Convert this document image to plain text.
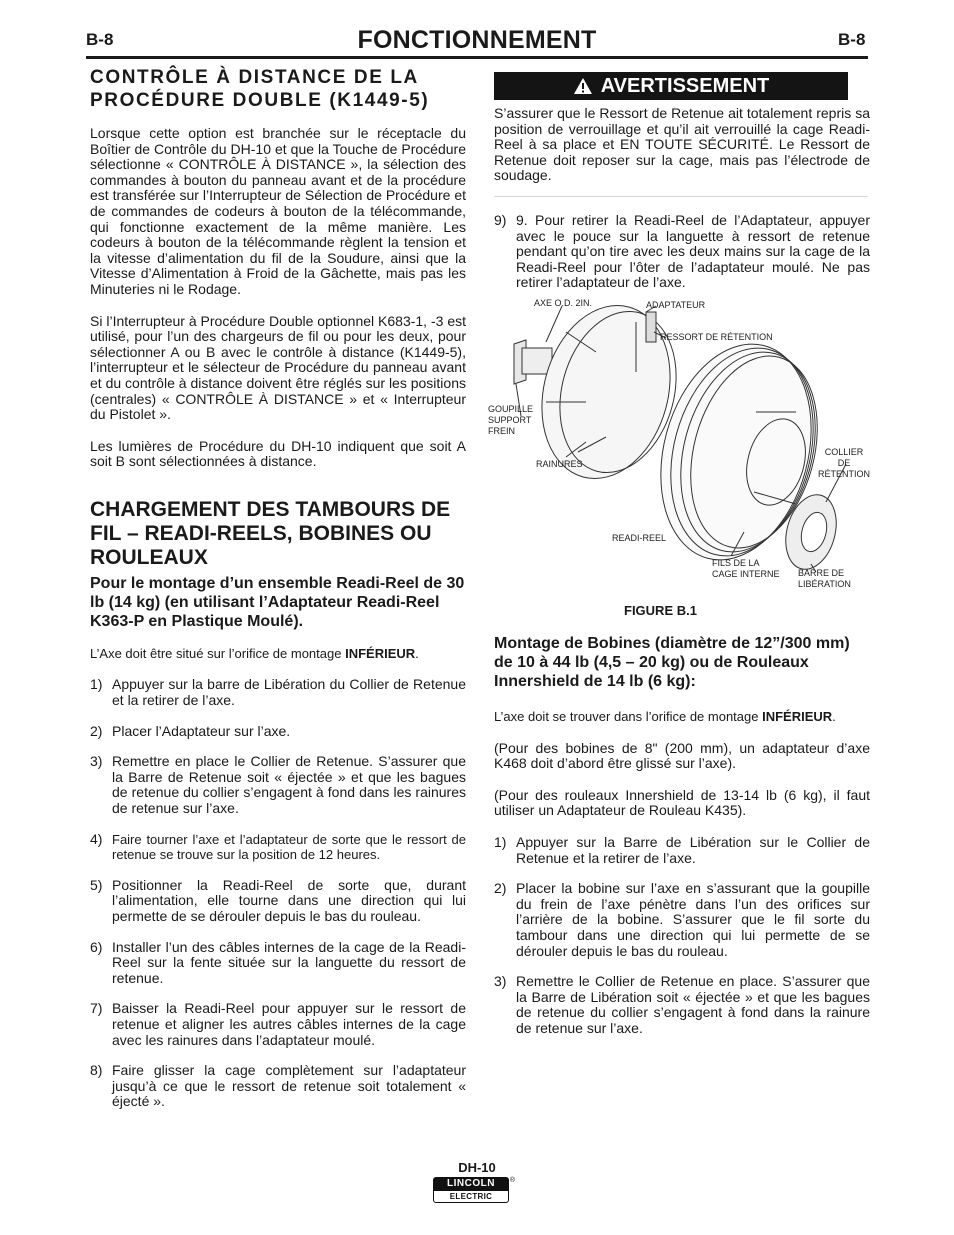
B-8	B-8
FONCTIONNEMENT
CONTRÔLE À DISTANCE DE LA PROCÉDURE DOUBLE (K1449-5)

Lorsque cette option est branchée sur le réceptacle du Boîtier de Contrôle du DH-10 et que la Touche de Procédure sélectionne « CONTRÔLE À DISTANCE », la sélection des commandes à bouton du panneau avant et de la procédure est transférée sur l’Interrupteur de Sélection de Procédure et de commandes de codeurs à bouton de la télécommande, qui fonctionne exactement de la même manière. Les codeurs à bouton de la télécommande règlent la tension et la vitesse d’alimentation du fil de la Soudure, ainsi que la Vitesse d’Alimentation à Froid de la Gâchette, mais pas les Minuteries ni le Rodage.

Si l’Interrupteur à Procédure Double optionnel K683-1, -3 est utilisé, pour l’un des chargeurs de fil ou pour les deux, pour sélectionner A ou B avec le contrôle à distance (K1449-5), l’interrupteur et le sélecteur de Procédure du panneau avant et du contrôle à distance doivent être réglés sur les positions (centrales) « CONTRÔLE À DISTANCE » et « Interrupteur du Pistolet ».

Les lumières de Procédure du DH-10 indiquent que soit A soit B sont sélectionnées à distance.

CHARGEMENT DES TAMBOURS DE FIL – READI-REELS, BOBINES OU ROULEAUX
Pour le montage d’un ensemble Readi-Reel de 30 lb (14 kg) (en utilisant l’Adaptateur Readi-Reel K363-P en Plastique Moulé).

L’Axe doit être situé sur l’orifice de montage INFÉRIEUR.

1) Appuyer sur la barre de Libération du Collier de Retenue et la retirer de l’axe.
2) Placer l’Adaptateur sur l’axe.
3) Remettre en place le Collier de Retenue. S’assurer que la Barre de Retenue soit « éjectée » et que les bagues de retenue du collier s’engagent à fond dans les rainures de retenue sur l’axe.
4) Faire tourner l’axe et l’adaptateur de sorte que le ressort de retenue se trouve sur la position de 12 heures.
5) Positionner la Readi-Reel de sorte que, durant l’alimentation, elle tourne dans une direction qui lui permette de se dérouler depuis le bas du rouleau.
6) Installer l’un des câbles internes de la cage de la Readi-Reel sur la fente située sur la languette du ressort de retenue.
7) Baisser la Readi-Reel pour appuyer sur le ressort de retenue et aligner les autres câbles internes de la cage avec les rainures dans l’adaptateur moulé.
8) Faire glisser la cage complètement sur l’adaptateur jusqu’à ce que le ressort de retenue soit totalement « éjecté ».
AVERTISSEMENT

S’assurer que le Ressort de Retenue ait totalement repris sa position de verrouillage et qu’il ait verrouillé la cage Readi-Reel à sa place et EN TOUTE SÉCURITÉ. Le Ressort de Retenue doit reposer sur la cage, mais pas l’électrode de soudage.

9) 9. Pour retirer la Readi-Reel de l’Adaptateur, appuyer avec le pouce sur la languette à ressort de retenue pendant qu’on tire avec les deux mains sur la cage de la Readi-Reel pour l’ôter de l’adaptateur moulé. Ne pas retirer l’adaptateur de l’axe.
AXE O.D. 2IN.	ADAPTATEUR
RESSORT DE RÉTENTION
GOUPILLE
SUPPORT
FREIN
RAINURES
COLLIER DE
RÉTENTION
READI-REEL
FILS DE LA
CAGE INTERNE BARRE DE
LIBÉRATION
FIGURE B.1
Montage de Bobines (diamètre de 12”/300 mm) de 10 à 44 lb (4,5 – 20 kg) ou de Rouleaux Innershield de 14 lb (6 kg):

L’axe doit se trouver dans l’orifice de montage INFÉRIEUR.

(Pour des bobines de 8" (200 mm), un adaptateur d’axe K468 doit d’abord être glissé sur l’axe).

(Pour des rouleaux Innershield de 13-14 lb (6 kg), il faut utiliser un Adaptateur de Rouleau K435).

1) Appuyer sur la Barre de Libération sur le Collier de Retenue et la retirer de l’axe.
2) Placer la bobine sur l’axe en s’assurant que la goupille du frein de l’axe pénètre dans l’un des orifices sur l’arrière de la bobine. S’assurer que le fil sorte du tambour dans une direction qui lui permette de se dérouler depuis le bas du rouleau.
3) Remettre le Collier de Retenue en place. S’assurer que la Barre de Libération soit « éjectée » et que les bagues de retenue du collier s’engagent à fond dans la rainure de retenue sur l’axe.
DH-10
LINCOLN
ELECTRIC
®
